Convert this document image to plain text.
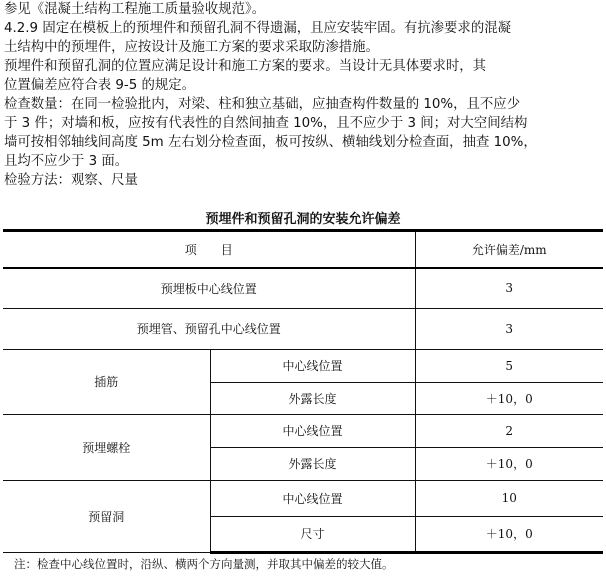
参见《混凝土结构工程施工质量验收规范》。
4.2.9 固定在模板上的预埋件和预留孔洞不得遗漏，且应安装牢固。有抗渗要求的混凝
土结构中的预埋件，应按设计及施工方案的要求采取防渗措施。
预埋件和预留孔洞的位置应满足设计和施工方案的要求。当设计无具体要求时，其
位置偏差应符合表 9-5 的规定。
检查数量：在同一检验批内，对梁、柱和独立基础，应抽查构件数量的 10%，且不应少
于 3 件；对墙和板，应按有代表性的自然间抽查 10%，且不应少于 3 间；对大空间结构
墙可按相邻轴线间高度 5m 左右划分检查面，板可按纵、横轴线划分检查面，抽查 10%，
且均不应少于 3 面。
检验方法：观察、尺量
预埋件和预留孔洞的安装允许偏差
项　　目		允许偏差/mm
预埋板中心线位置		3
预埋管、预留孔中心线位置		3
插筋	中心线位置	5
	外露长度	＋10，0
预埋螺栓	中心线位置	2
	外露长度	＋10，0
预留洞	中心线位置	10
	尺寸	＋10，0
注：检查中心线位置时，沿纵、横两个方向量测，并取其中偏差的较大值。
